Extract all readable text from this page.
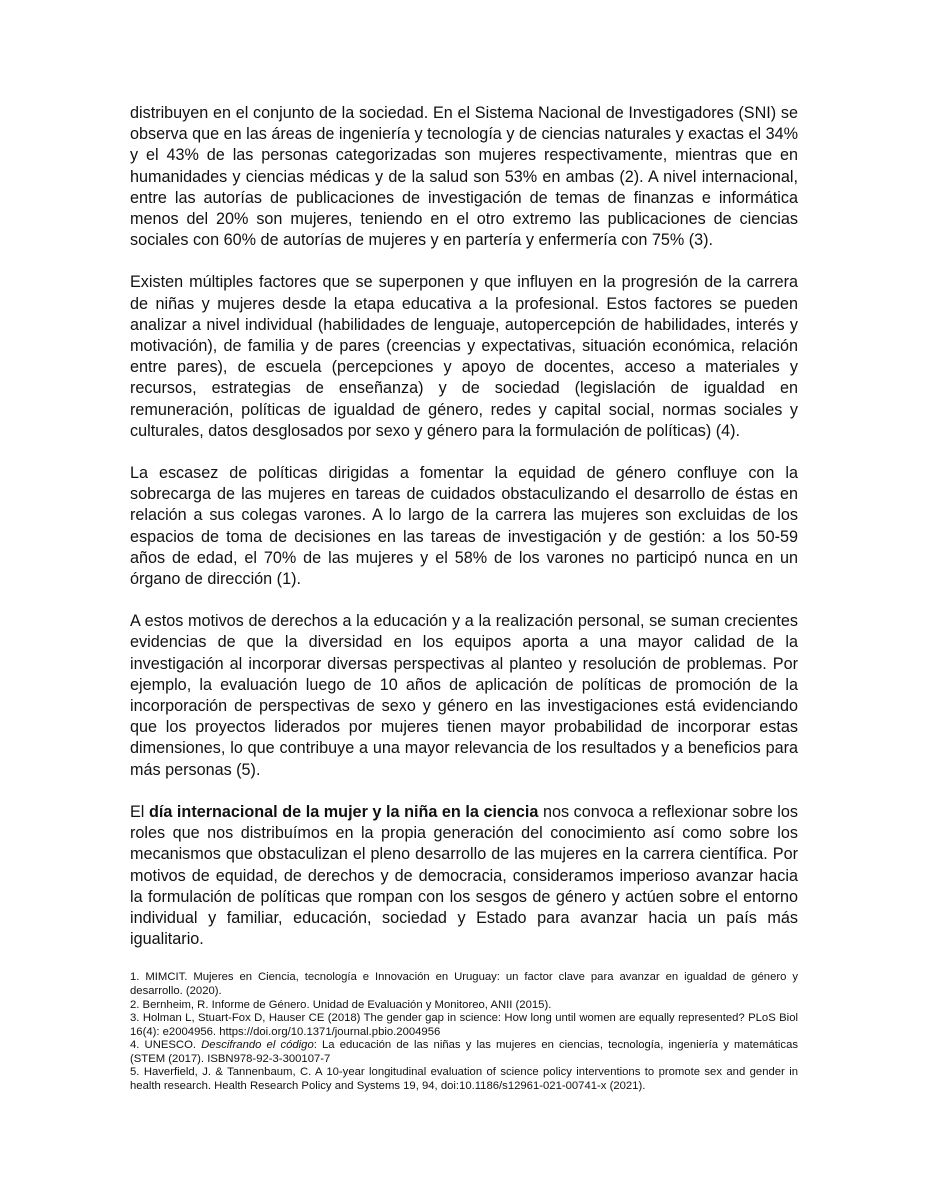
distribuyen en el conjunto de la sociedad. En el Sistema Nacional de Investigadores (SNI) se observa que en las áreas de ingeniería y tecnología y de ciencias naturales y exactas el 34% y el 43% de las personas categorizadas son mujeres respectivamente, mientras que en humanidades y ciencias médicas y de la salud son 53% en ambas (2). A nivel internacional, entre las autorías de publicaciones de investigación de temas de finanzas e informática menos del 20% son mujeres, teniendo en el otro extremo las publicaciones de ciencias sociales con 60% de autorías de mujeres y en partería y enfermería con 75% (3).

Existen múltiples factores que se superponen y que influyen en la progresión de la carrera de niñas y mujeres desde la etapa educativa a la profesional. Estos factores se pueden analizar a nivel individual (habilidades de lenguaje, autopercepción de habilidades, interés y motivación), de familia y de pares (creencias y expectativas, situación económica, relación entre pares), de escuela (percepciones y apoyo de docentes, acceso a materiales y recursos, estrategias de enseñanza) y de sociedad (legislación de igualdad en remuneración, políticas de igualdad de género, redes y capital social, normas sociales y culturales, datos desglosados por sexo y género para la formulación de políticas) (4).

La escasez de políticas dirigidas a fomentar la equidad de género confluye con la sobrecarga de las mujeres en tareas de cuidados obstaculizando el desarrollo de éstas en relación a sus colegas varones. A lo largo de la carrera las mujeres son excluidas de los espacios de toma de decisiones en las tareas de investigación y de gestión: a los 50-59 años de edad, el 70% de las mujeres y el 58% de los varones no participó nunca en un órgano de dirección (1).

A estos motivos de derechos a la educación y a la realización personal, se suman crecientes evidencias de que la diversidad en los equipos aporta a una mayor calidad de la investigación al incorporar diversas perspectivas al planteo y resolución de problemas. Por ejemplo, la evaluación luego de 10 años de aplicación de políticas de promoción de la incorporación de perspectivas de sexo y género en las investigaciones está evidenciando que los proyectos liderados por mujeres tienen mayor probabilidad de incorporar estas dimensiones, lo que contribuye a una mayor relevancia de los resultados y a beneficios para más personas (5).

El día internacional de la mujer y la niña en la ciencia nos convoca a reflexionar sobre los roles que nos distribuímos en la propia generación del conocimiento así como sobre los mecanismos que obstaculizan el pleno desarrollo de las mujeres en la carrera científica. Por motivos de equidad, de derechos y de democracia, consideramos imperioso avanzar hacia la formulación de políticas que rompan con los sesgos de género y actúen sobre el entorno individual y familiar, educación, sociedad y Estado para avanzar hacia un país más igualitario.

1. MIMCIT. Mujeres en Ciencia, tecnología e Innovación en Uruguay: un factor clave para avanzar en igualdad de género y desarrollo. (2020).

2. Bernheim, R. Informe de Género. Unidad de Evaluación y Monitoreo, ANII (2015).

3. Holman L, Stuart-Fox D, Hauser CE (2018) The gender gap in science: How long until women are equally represented? PLoS Biol 16(4): e2004956. https://doi.org/10.1371/journal.pbio.2004956

4. UNESCO. Descifrando el código: La educación de las niñas y las mujeres en ciencias, tecnología, ingeniería y matemáticas (STEM (2017). ISBN978-92-3-300107-7

5. Haverfield, J. & Tannenbaum, C. A 10-year longitudinal evaluation of science policy interventions to promote sex and gender in health research. Health Research Policy and Systems 19, 94, doi:10.1186/s12961-021-00741-x (2021).
